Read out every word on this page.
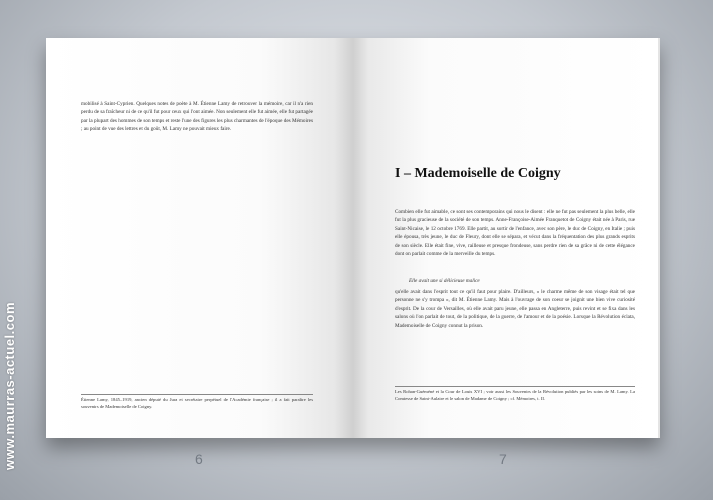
www.maurras-actuel.com
mobilisé à Saint-Cyprien. Quelques notes de poète à M. Étienne Lamy de retrouver la mémoire, car il n'a rien perdu de sa fraîcheur ni de ce qu'il fut pour ceux qui l'ont aimée. Non seulement elle fut aimée, elle fut partagée par la plupart des hommes de son temps et reste l'une des figures les plus charmantes de l'époque des Mémoires ; au point de vue des lettres et du goût, M. Lamy ne pouvait mieux faire.
Étienne Lamy, 1845–1919, ancien député du Jura et secrétaire perpétuel de l'Académie française ; il a fait paraître les souvenirs de Mademoiselle de Coigny.
I – Mademoiselle de Coigny
Combien elle fut aimable, ce sont ses contemporains qui nous le disent : elle ne fut pas seulement la plus belle, elle fut la plus gracieuse de la société de son temps. Anne-Françoise-Aimée Franquetot de Coigny était née à Paris, rue Saint-Nicaise, le 12 octobre 1769. Elle partit, au sortir de l'enfance, avec son père, le duc de Coigny, en Italie ; puis elle épousa, très jeune, le duc de Fleury, dont elle se sépara, et vécut dans la fréquentation des plus grands esprits de son siècle. Elle était fine, vive, railleuse et presque frondeuse, sans perdre rien de sa grâce ni de cette élégance dont on parlait comme de la merveille du temps.
Elle avait une si délicieuse malice
qu'elle avait dans l'esprit tout ce qu'il faut pour plaire. D'ailleurs, « le charme même de son visage était tel que personne ne s'y trompa », dit M. Étienne Lamy. Mais à l'ouvrage de son coeur se joignit une bien vive curiosité d'esprit. De la cour de Versailles, où elle avait paru jeune, elle passa en Angleterre, puis revint et se fixa dans les salons où l'on parlait de tout, de la politique, de la guerre, de l'amour et de la poésie. Lorsque la Révolution éclata, Mademoiselle de Coigny connut la prison.
Les Rohan-Guéméné et la Cour de Louis XVI ; voir aussi les Souvenirs de la Révolution publiés par les soins de M. Lamy. La Comtesse de Saint-Aulaire et le salon de Madame de Coigny ; cf. Mémoires, t. II.
6	7
